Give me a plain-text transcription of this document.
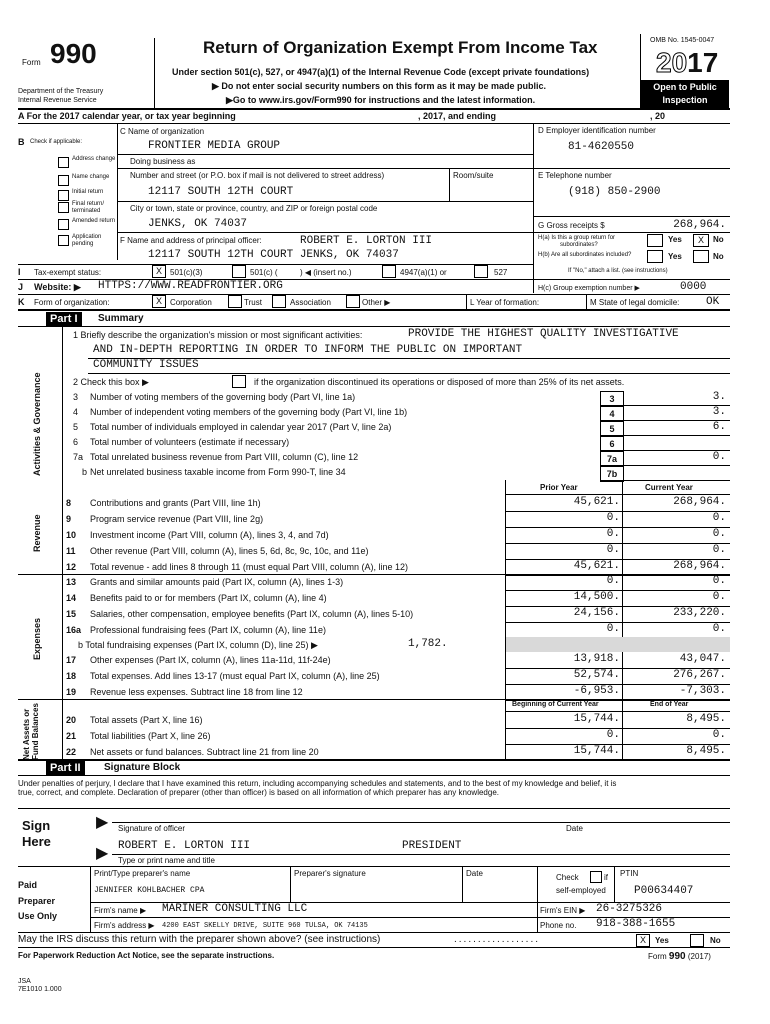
Form 990
Department of the Treasury
Internal Revenue Service
Return of Organization Exempt From Income Tax
Under section 501(c), 527, or 4947(a)(1) of the Internal Revenue Code (except private foundations)
▶ Do not enter social security numbers on this form as it may be made public.
▶Go to www.irs.gov/Form990 for instructions and the latest information.
OMB No. 1545-0047
2017
Open to Public
Inspection
A For the 2017 calendar year, or tax year beginning	, 2017, and ending	, 20
B Check if applicable:
Address change
Name change
Initial return
Final return/ terminated
Amended return
Application pending
C Name of organization
FRONTIER MEDIA GROUP
Doing business as
Number and street (or P.O. box if mail is not delivered to street address)	Room/suite
12117 SOUTH 12TH COURT
City or town, state or province, country, and ZIP or foreign postal code
JENKS, OK 74037
F Name and address of principal officer:	ROBERT E. LORTON III
12117 SOUTH 12TH COURT JENKS, OK 74037
D Employer identification number
81-4620550
E Telephone number
(918) 850-2900
G Gross receipts $	268,964.
H(a) Is this a group return for
subordinates?
Yes	X	No
H(b) Are all subordinates included?	Yes	No
If "No," attach a list. (see instructions)
I Tax-exempt status:	X	501(c)(3)	501(c) (	) ◀ (insert no.)	4947(a)(1) or	527
J Website: ▶ HTTPS://WWW.READFRONTIER.ORG	H(c) Group exemption number ▶	0000
K Form of organization:	X	Corporation	Trust	Association	Other ▶	L Year of formation:	M State of legal domicile: OK
Part I	Summary
Activities & Governance
Revenue
Expenses
Net Assets or Fund Balances
1 Briefly describe the organization's mission or most significant activities:	PROVIDE THE HIGHEST QUALITY INVESTIGATIVE
AND IN-DEPTH REPORTING IN ORDER TO INFORM THE PUBLIC ON IMPORTANT
COMMUNITY ISSUES
2 Check this box ▶	if the organization discontinued its operations or disposed of more than 25% of its net assets.
3 Number of voting members of the governing body (Part VI, line 1a)	3	3.
4 Number of independent voting members of the governing body (Part VI, line 1b)	4	3.
5 Total number of individuals employed in calendar year 2017 (Part V, line 2a)	5	6.
6 Total number of volunteers (estimate if necessary)	6
7a Total unrelated business revenue from Part VIII, column (C), line 12	7a	0.
b Net unrelated business taxable income from Form 990-T, line 34	7b
Prior Year	Current Year
8 Contributions and grants (Part VIII, line 1h)	45,621.	268,964.
9 Program service revenue (Part VIII, line 2g)	0.	0.
10 Investment income (Part VIII, column (A), lines 3, 4, and 7d)	0.	0.
11 Other revenue (Part VIII, column (A), lines 5, 6d, 8c, 9c, 10c, and 11e)	0.	0.
12 Total revenue - add lines 8 through 11 (must equal Part VIII, column (A), line 12)	45,621.	268,964.
13 Grants and similar amounts paid (Part IX, column (A), lines 1-3)	0.	0.
14 Benefits paid to or for members (Part IX, column (A), line 4)	14,500.	0.
15 Salaries, other compensation, employee benefits (Part IX, column (A), lines 5-10)	24,156.	233,220.
16a Professional fundraising fees (Part IX, column (A), line 11e)	0.	0.
b Total fundraising expenses (Part IX, column (D), line 25) ▶	1,782.
17 Other expenses (Part IX, column (A), lines 11a-11d, 11f-24e)	13,918.	43,047.
18 Total expenses. Add lines 13-17 (must equal Part IX, column (A), line 25)	52,574.	276,267.
19 Revenue less expenses. Subtract line 18 from line 12	-6,953.	-7,303.
Beginning of Current Year	End of Year
20 Total assets (Part X, line 16)	15,744.	8,495.
21 Total liabilities (Part X, line 26)	0.	0.
22 Net assets or fund balances. Subtract line 21 from line 20	15,744.	8,495.
Part II	Signature Block
Under penalties of perjury, I declare that I have examined this return, including accompanying schedules and statements, and to the best of my knowledge and belief, it is
true, correct, and complete. Declaration of preparer (other than officer) is based on all information of which preparer has any knowledge.
Sign
Here
▶
▶
Signature of officer	Date
ROBERT E. LORTON III	PRESIDENT
Type or print name and title
Paid
Preparer
Use Only
Print/Type preparer's name	Preparer's signature	Date	Check	if
self-employed
PTIN
JENNIFER KOHLBACHER CPA	P00634407
Firm's name ▶ MARINER CONSULTING LLC	Firm's EIN ▶ 26-3275326
Firm's address ▶ 4200 EAST SKELLY DRIVE, SUITE 960 TULSA, OK 74135	Phone no. 918-388-1655
May the IRS discuss this return with the preparer shown above? (see instructions)	..................	X	Yes	No
For Paperwork Reduction Act Notice, see the separate instructions.	Form 990 (2017)
JSA
7E1010 1.000
